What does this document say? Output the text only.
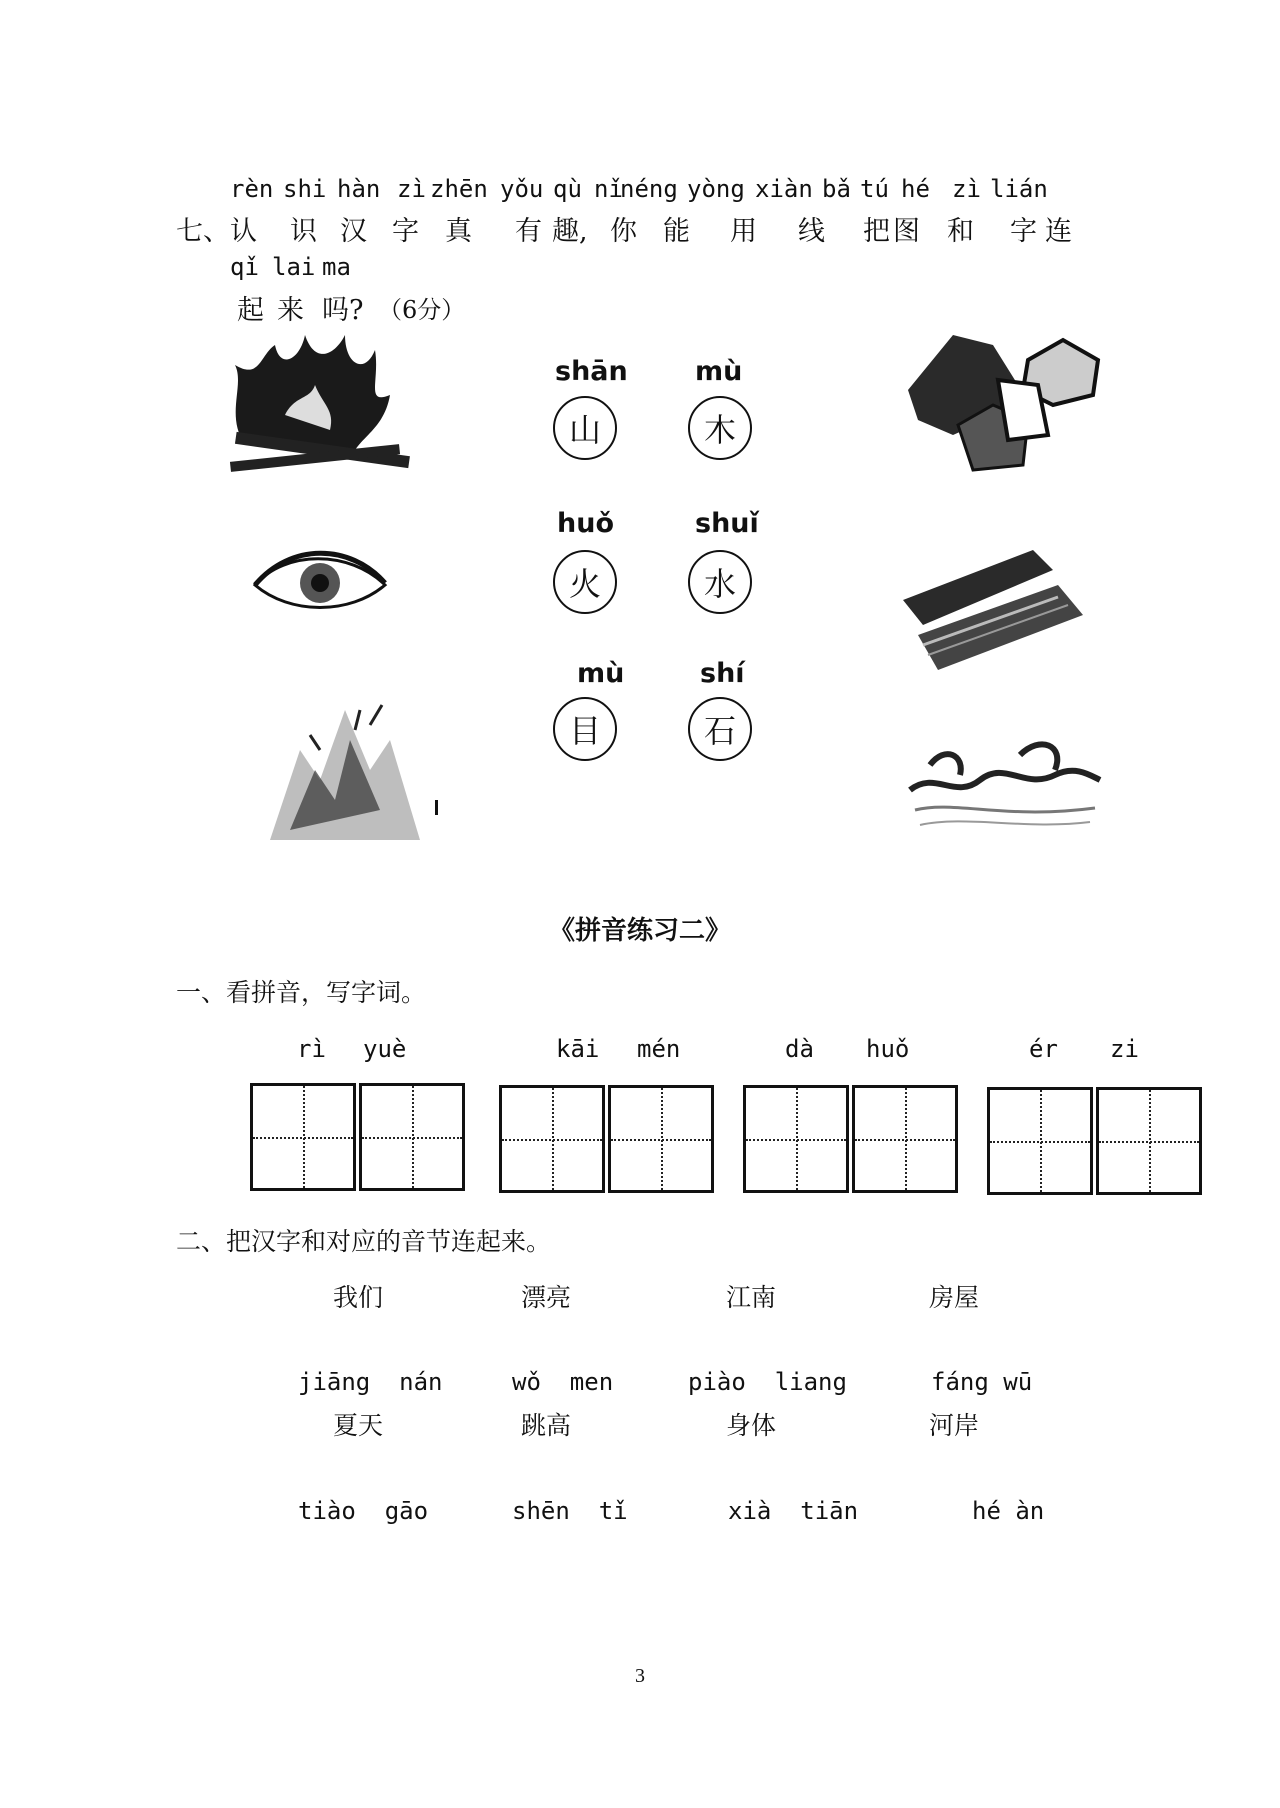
rèn shi hàn zì zhēn yǒu qù nǐ
néng yòng xiàn bǎ tú hé zì lián
七、 认 识 汉 字 真 有 趣, 你 能 用 线 把 图 和 字 连
qǐ lai ma
起 来 吗? （6分）
shān
山
mù
木
huǒ
火
shuǐ
水
mù
目
shí
石
《拼音练习二》
一、看拼音，写字词。
rì yuè	kāi mén	dà huǒ	ér zi
二、把汉字和对应的音节连起来。
我们	漂亮	江南	房屋
jiāng  nán	wǒ  men	piào  liang	fáng wū
夏天	跳高	身体	河岸
tiào  gāo	shēn  tǐ	xià  tiān	hé àn
3
